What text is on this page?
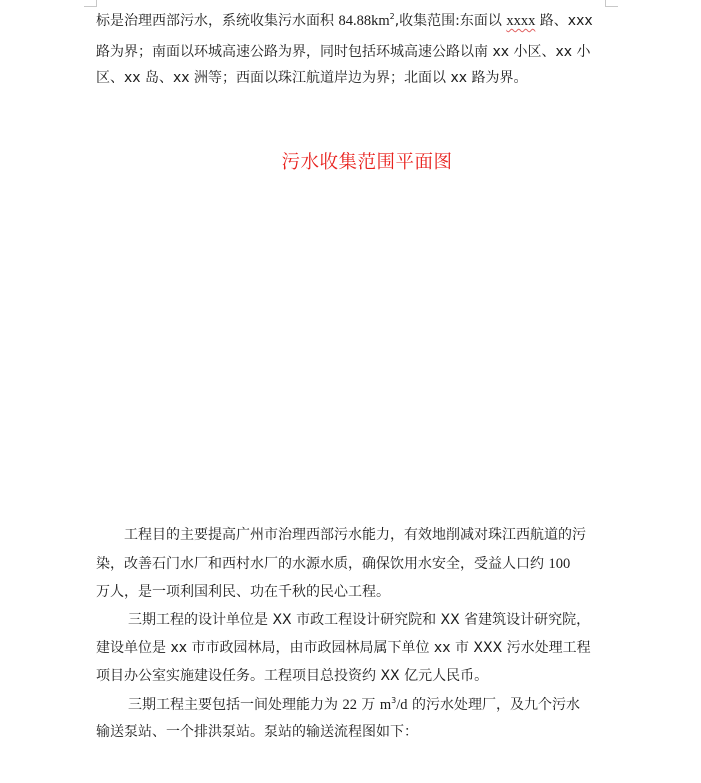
标是治理西部污水，系统收集污水面积 $84.88km^2$,收集范围:东面以 xxxx 路、xxx
路为界；南面以环城高速公路为界，同时包括环城高速公路以南 xx 小区、xx 小
区、xx 岛、xx 洲等；西面以珠江航道岸边为界；北面以 xx 路为界。
污水收集范围平面图
工程目的主要提高广州市治理西部污水能力，有效地削减对珠江西航道的污
染，改善石门水厂和西村水厂的水源水质，确保饮用水安全，受益人口约 100
万人，是一项利国利民、功在千秋的民心工程。
三期工程的设计单位是 XX 市政工程设计研究院和 XX 省建筑设计研究院，
建设单位是 xx 市市政园林局，由市政园林局属下单位 xx 市 XXX 污水处理工程
项目办公室实施建设任务。工程项目总投资约 XX 亿元人民币。
三期工程主要包括一间处理能力为 22 万 $m^3/d$ 的污水处理厂，及九个污水
输送泵站、一个排洪泵站。泵站的输送流程图如下：
